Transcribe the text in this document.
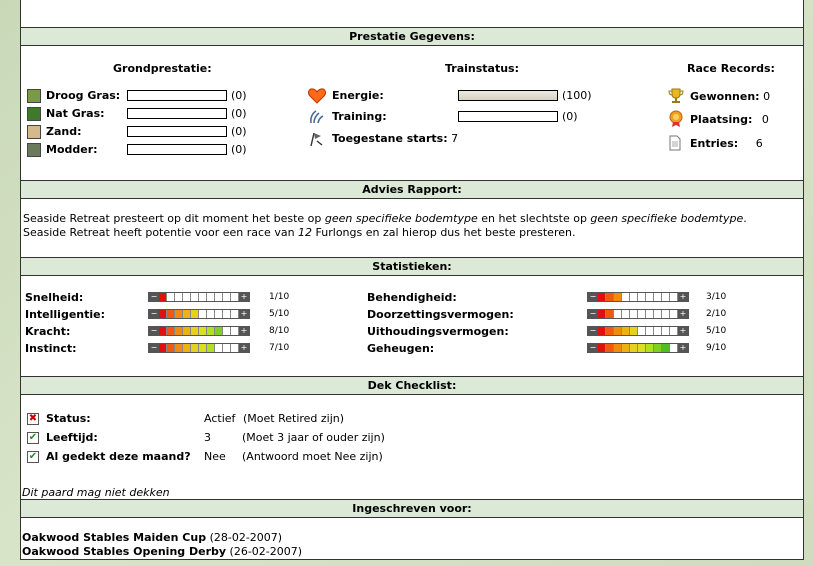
Prestatie Gegevens:
Grondprestatie:	Trainstatus:	Race Records:
Droog Gras:	(0)
Nat Gras:	(0)
Zand:	(0)
Modder:	(0)
Energie:	(100)
Training:	(0)
Toegestane starts: 7
Gewonnen: 0
Plaatsing: 0
Entries: 6
Advies Rapport:
Seaside Retreat presteert op dit moment het beste op geen specifieke bodemtype en het slechtste op geen specifieke bodemtype.
Seaside Retreat heeft potentie voor een race van 12 Furlongs en zal hierop dus het beste presteren.
Statistieken:
Snelheid:	−	+ 1/10
Intelligentie:	−	+ 5/10
Kracht:	−	+ 8/10
Instinct:	−	+ 7/10
Behendigheid:	−	+ 3/10
Doorzettingsvermogen:	−	+ 2/10
Uithoudingsvermogen:	−	+ 5/10
Geheugen:	−	+ 9/10
Dek Checklist:
✖ Status:	Actief (Moet Retired zijn)
✔ Leeftijd:	3	(Moet 3 jaar of ouder zijn)
✔ Al gedekt deze maand? Nee (Antwoord moet Nee zijn)
Dit paard mag niet dekken
Ingeschreven voor:
Oakwood Stables Maiden Cup (28-02-2007)
Oakwood Stables Opening Derby (26-02-2007)
